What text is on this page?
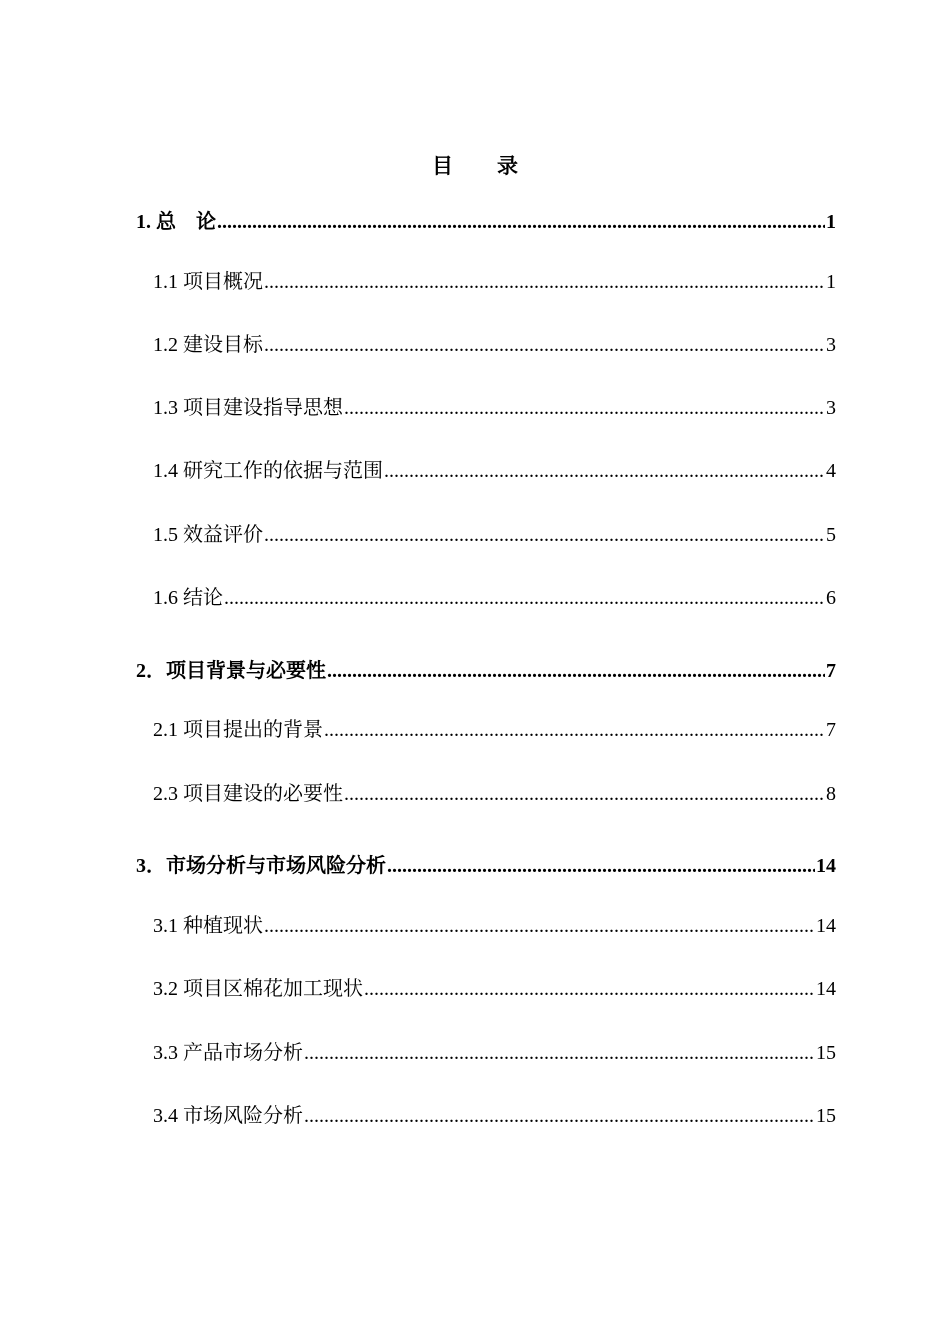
目 录
1. 总　论 .....	1
1.1 项目概况 .....	1
1.2 建设目标 .....	3
1.3 项目建设指导思想 .....	3
1.4 研究工作的依据与范围 .....	4
1.5 效益评价 .....	5
1.6 结论 .....	6
2．项目背景与必要性 .....	7
2.1 项目提出的背景 .....	7
2.3 项目建设的必要性 .....	8
3．市场分析与市场风险分析 .....	14
3.1 种植现状 .....	14
3.2 项目区棉花加工现状 .....	14
3.3 产品市场分析 .....	15
3.4 市场风险分析 .....	15
